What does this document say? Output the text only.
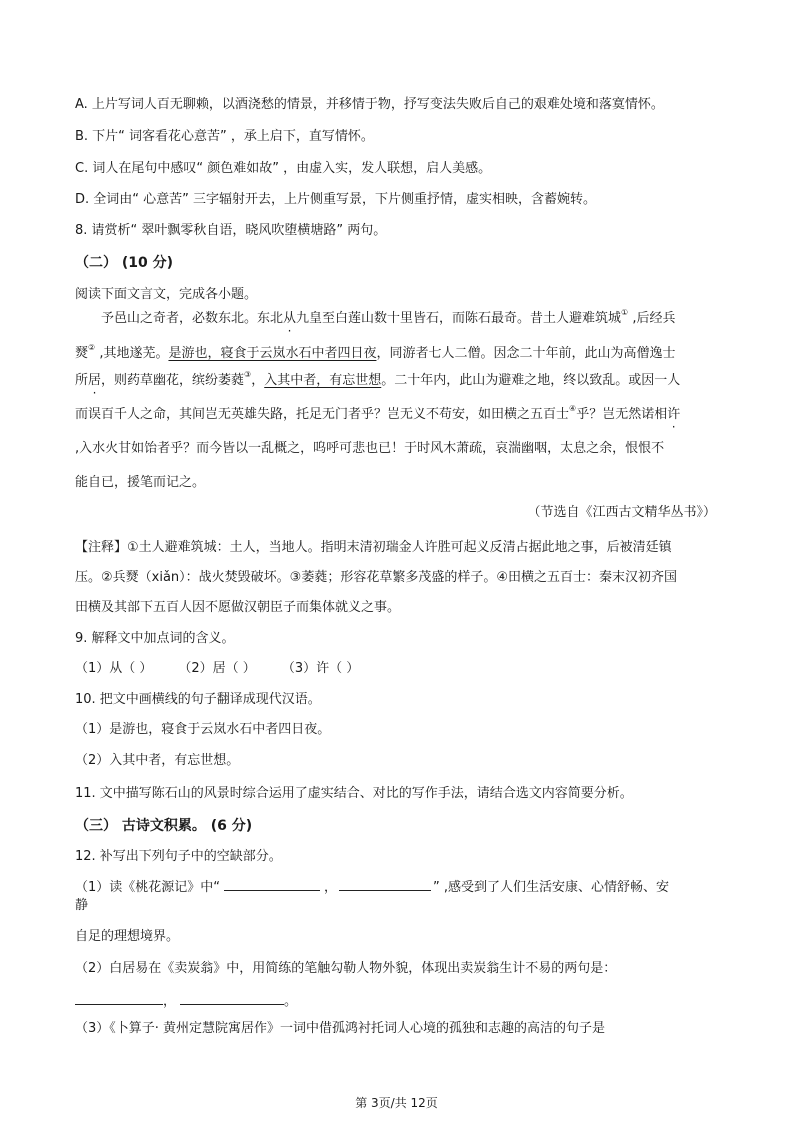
A. 上片写词人百无聊赖，以酒浇愁的情景，并移情于物，抒写变法失败后自己的艰难处境和落寞情怀。
B. 下片“ 词客看花心意苦” ，承上启下，直写情怀。
C. 词人在尾句中感叹“ 颜色难如故” ，由虚入实，发人联想，启人美感。
D. 全词由“ 心意苦” 三字辐射开去，上片侧重写景，下片侧重抒情，虚实相映，含蓄婉转。
8. 请赏析“ 翠叶飘零秋自语，晓风吹堕横塘路” 两句。
（二） (10 分)
阅读下面文言文，完成各小题。
予邑山之奇者，必数东北。东北从九皇至白莲山数十里皆石，而陈石最奇。昔土人避难筑城① ,后经兵
燹② ,其地遂芜。是游也，寝食于云岚水石中者四日夜，同游者七人二僧。因念二十年前，此山为高僧逸士
所居，则药草幽花，缤纷萎蕤③，入其中者，有忘世想。二十年内，此山为避难之地，终以致乱。或因一人
而误百千人之命，其间岂无英雄失路，托足无门者乎？岂无义不苟安，如田横之五百士④乎？岂无然诺相许
,入水火甘如饴者乎？而今皆以一乱概之，呜呼可悲也已！于时风木萧疏，哀湍幽咽，太息之余，恨恨不
能自已，援笔而记之。
（节选自《江西古文精华丛书》）
【注释】①土人避难筑城：土人，当地人。指明末清初瑞金人许胜可起义反清占据此地之事，后被清廷镇
压。②兵燹（xiǎn）：战火焚毁破坏。③萎蕤；形容花草繁多茂盛的样子。④田横之五百士：秦末汉初齐国
田横及其部下五百人因不愿做汉朝臣子而集体就义之事。
9. 解释文中加点词的含义。
（1）从（ ） （2）居（ ） （3）许（ ）
10. 把文中画横线的句子翻译成现代汉语。
（1）是游也，寝食于云岚水石中者四日夜。
（2）入其中者，有忘世想。
11. 文中描写陈石山的风景时综合运用了虚实结合、对比的写作手法，请结合选文内容简要分析。
（三） 古诗文积累。 (6 分)
12. 补写出下列句子中的空缺部分。
（1）读《桃花源记》中“	，	” ,感受到了人们生活安康、心情舒畅、安
静
自足的理想境界。
（2）白居易在《卖炭翁》中，用简练的笔触勾勒人物外貌，体现出卖炭翁生计不易的两句是：
，	。
（3）《卜算子· 黄州定慧院寓居作》一词中借孤鸿衬托词人心境的孤独和志趣的高洁的句子是
第 3页/共 12页
